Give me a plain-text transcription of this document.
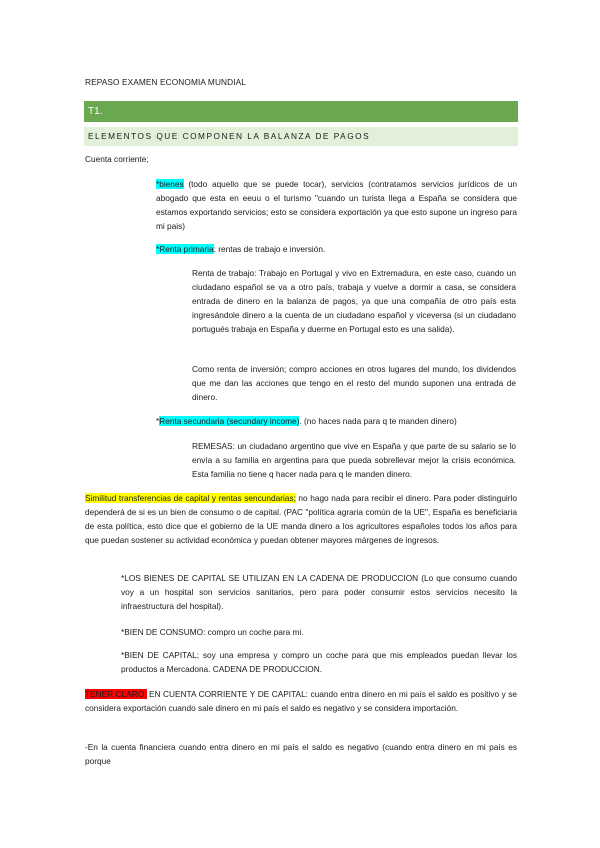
REPASO EXAMEN ECONOMIA MUNDIAL
T1.
ELEMENTOS QUE COMPONEN LA BALANZA DE PAGOS
Cuenta corriente;
*bienes (todo aquello que se puede tocar), servicios (contratamos servicios jurídicos de un abogado que esta en eeuu o el turismo "cuando un turista llega a España se considera que estamos exportando servicios; esto se considera exportación ya que esto supone un ingreso para mi pais)
*Renta primaria: rentas de trabajo e inversión.
Renta de trabajo: Trabajo en Portugal y vivo en Extremadura, en este caso, cuando un ciudadano español se va a otro país, trabaja y vuelve a dormir a casa, se considera entrada de dinero en la balanza de pagos, ya que una compañía de otro país esta ingresándole dinero a la cuenta de un ciudadano español y viceversa (si un ciudadano portugués trabaja en España y duerme en Portugal esto es una salida).
Como renta de inversión; compro acciones en otros lugares del mundo, los dividendos que me dan las acciones que tengo en el resto del mundo suponen una entrada de dinero.
*Renta secundaria (secundary income). (no haces nada para q te manden dinero)
REMESAS: un ciudadano argentino que vive en España y que parte de su salario se lo envía a su familia en argentina para que pueda sobrellevar mejor la crisis económica. Esta familia no tiene q hacer nada para q le manden dinero.
Similitud transferencias de capital y rentas sencundarias; no hago nada para recibir el dinero. Para poder distinguirlo dependerá de si es un bien de consumo o de capital. (PAC "política agraria común de la UE", España es beneficiaria de esta política, esto dice que el gobierno de la UE manda dinero a los agricultores españoles todos los años para que puedan sostener su actividad económica y puedan obtener mayores márgenes de ingresos.
*LOS BIENES DE CAPITAL SE UTILIZAN EN LA CADENA DE PRODUCCION (Lo que consumo cuando voy a un hospital son servicios sanitarios, pero para poder consumir estos servicios necesito la infraestructura del hospital).
*BIEN DE CONSUMO: compro un coche para mi.
*BIEN DE CAPITAL; soy una empresa y compro un coche para que mis empleados puedan llevar los productos a Mercadona. CADENA DE PRODUCCION.
TENER CLARO; EN CUENTA CORRIENTE Y DE CAPITAL: cuando entra dinero en mi país el saldo es positivo y se considera exportación cuando sale dinero en mi país el saldo es negativo y se considera importación.
-En la cuenta financiera cuando entra dinero en mi país el saldo es negativo (cuando entra dinero en mi país es porque
